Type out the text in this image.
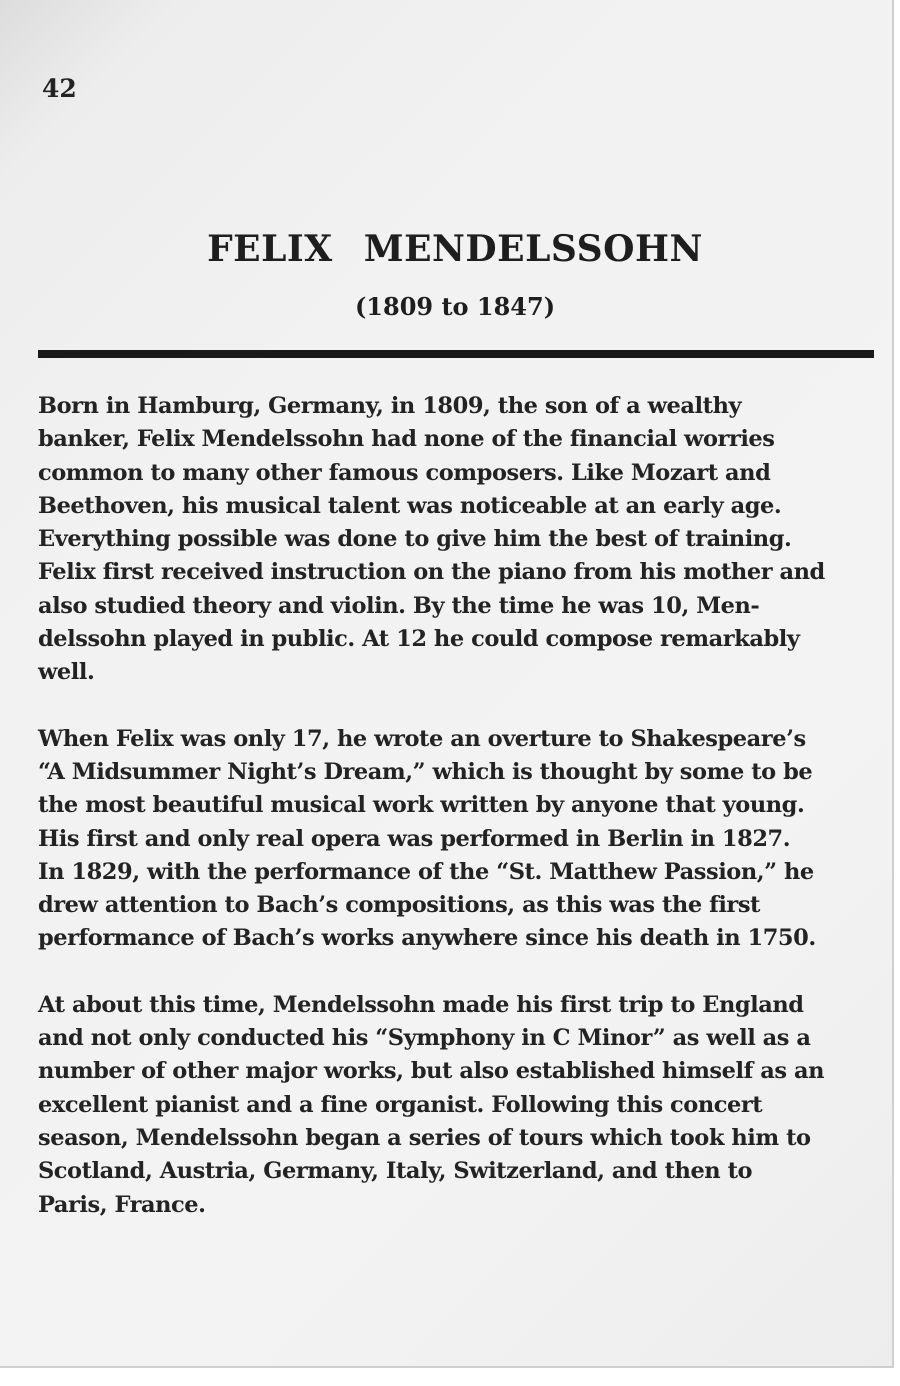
42
FELIX MENDELSSOHN
(1809 to 1847)

Born in Hamburg, Germany, in 1809, the son of a wealthy
banker, Felix Mendelssohn had none of the financial worries
common to many other famous composers. Like Mozart and
Beethoven, his musical talent was noticeable at an early age.
Everything possible was done to give him the best of training.
Felix first received instruction on the piano from his mother and
also studied theory and violin. By the time he was 10, Men-
delssohn played in public. At 12 he could compose remarkably
well.

When Felix was only 17, he wrote an overture to Shakespeare’s
“A Midsummer Night’s Dream,” which is thought by some to be
the most beautiful musical work written by anyone that young.
His first and only real opera was performed in Berlin in 1827.
In 1829, with the performance of the “St. Matthew Passion,” he
drew attention to Bach’s compositions, as this was the first
performance of Bach’s works anywhere since his death in 1750.

At about this time, Mendelssohn made his first trip to England
and not only conducted his “Symphony in C Minor” as well as a
number of other major works, but also established himself as an
excellent pianist and a fine organist. Following this concert
season, Mendelssohn began a series of tours which took him to
Scotland, Austria, Germany, Italy, Switzerland, and then to
Paris, France.
